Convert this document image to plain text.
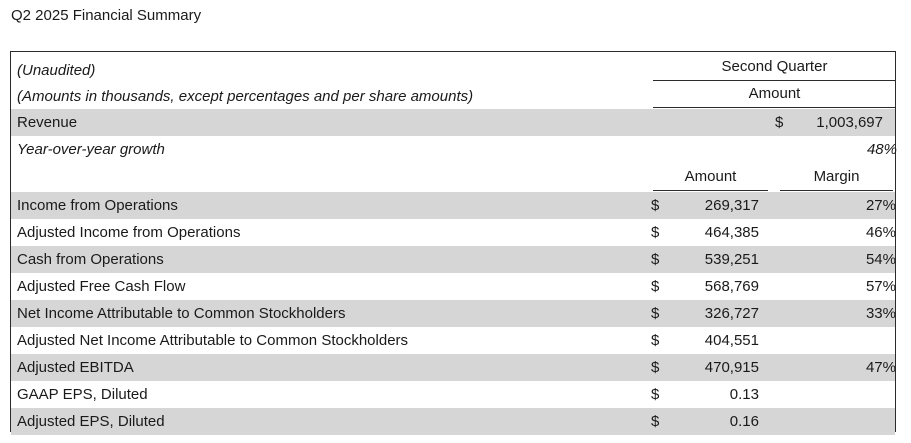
Q2 2025 Financial Summary
(Unaudited)	Second Quarter
(Amounts in thousands, except percentages and per share amounts)	Amount
Revenue	$	1,003,697
Year-over-year growth	48%
Amount	Margin
Income from Operations	$	269,317	27%
Adjusted Income from Operations	$	464,385	46%
Cash from Operations	$	539,251	54%
Adjusted Free Cash Flow	$	568,769	57%
Net Income Attributable to Common Stockholders	$	326,727	33%
Adjusted Net Income Attributable to Common Stockholders	$	404,551
Adjusted EBITDA	$	470,915	47%
GAAP EPS, Diluted	$	0.13
Adjusted EPS, Diluted	$	0.16
